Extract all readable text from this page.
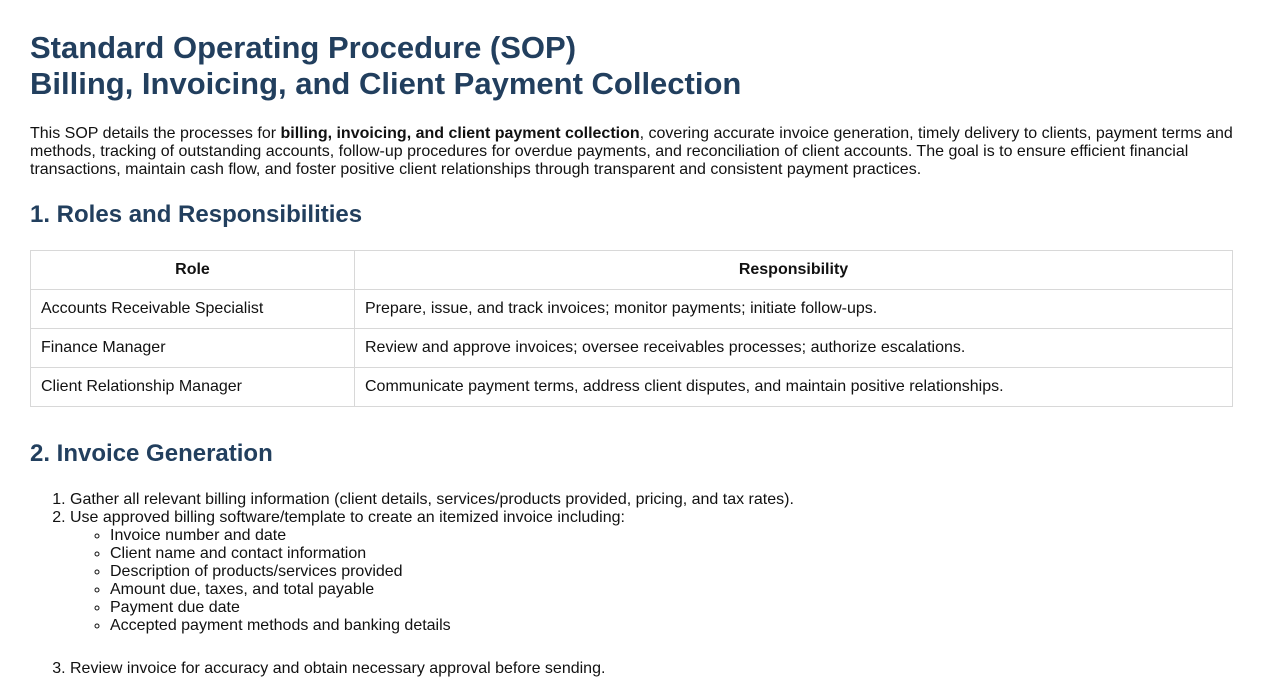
Standard Operating Procedure (SOP)
Billing, Invoicing, and Client Payment Collection

This SOP details the processes for billing, invoicing, and client payment collection, covering accurate invoice generation, timely delivery to clients, payment terms and methods, tracking of outstanding accounts, follow-up procedures for overdue payments, and reconciliation of client accounts. The goal is to ensure efficient financial transactions, maintain cash flow, and foster positive client relationships through transparent and consistent payment practices.

1. Roles and Responsibilities
Role	Responsibility
Accounts Receivable Specialist	Prepare, issue, and track invoices; monitor payments; initiate follow-ups.
Finance Manager	Review and approve invoices; oversee receivables processes; authorize escalations.
Client Relationship Manager	Communicate payment terms, address client disputes, and maintain positive relationships.
2. Invoice Generation
1. Gather all relevant billing information (client details, services/products provided, pricing, and tax rates).
2. Use approved billing software/template to create an itemized invoice including:
◦ Invoice number and date
◦ Client name and contact information
◦ Description of products/services provided
◦ Amount due, taxes, and total payable
◦ Payment due date
◦ Accepted payment methods and banking details
3. Review invoice for accuracy and obtain necessary approval before sending.
